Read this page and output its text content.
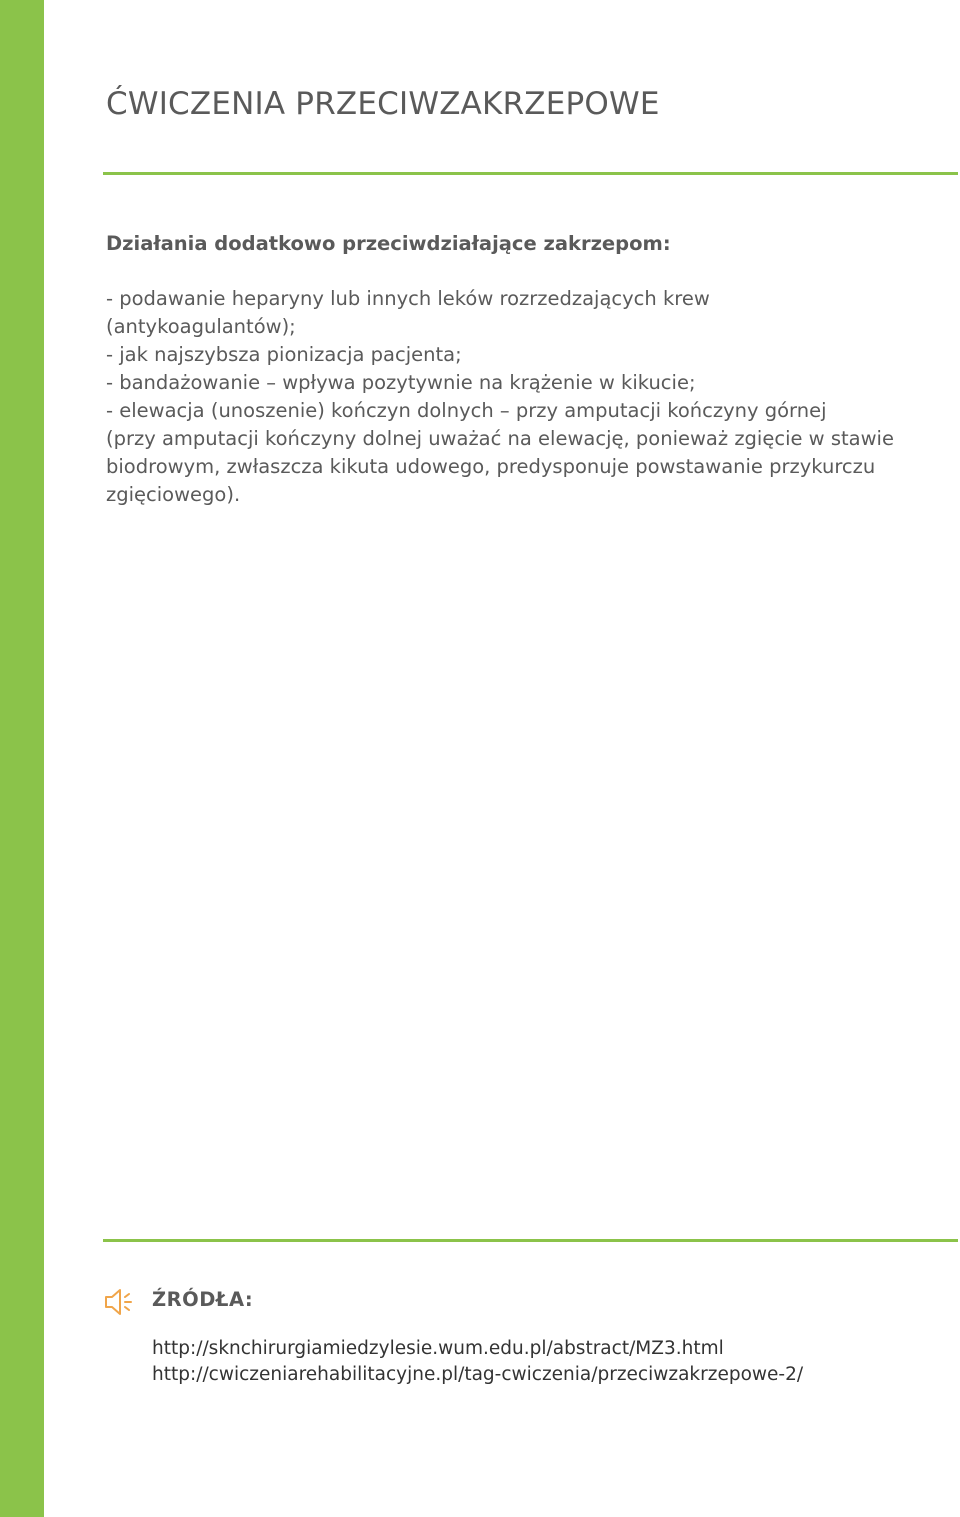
ĆWICZENIA PRZECIWZAKRZEPOWE
Działania dodatkowo przeciwdziałające zakrzepom:

- podawanie heparyny lub innych leków rozrzedzających krew

(antykoagulantów);

- jak najszybsza pionizacja pacjenta;

- bandażowanie – wpływa pozytywnie na krążenie w kikucie;

- elewacja (unoszenie) kończyn dolnych – przy amputacji kończyny górnej

(przy amputacji kończyny dolnej uważać na elewację, ponieważ zgięcie w stawie

biodrowym, zwłaszcza kikuta udowego, predysponuje powstawanie przykurczu

zgięciowego).

ŹRÓDŁA:
http://sknchirurgiamiedzylesie.wum.edu.pl/abstract/MZ3.html
http://cwiczeniarehabilitacyjne.pl/tag-cwiczenia/przeciwzakrzepowe-2/
